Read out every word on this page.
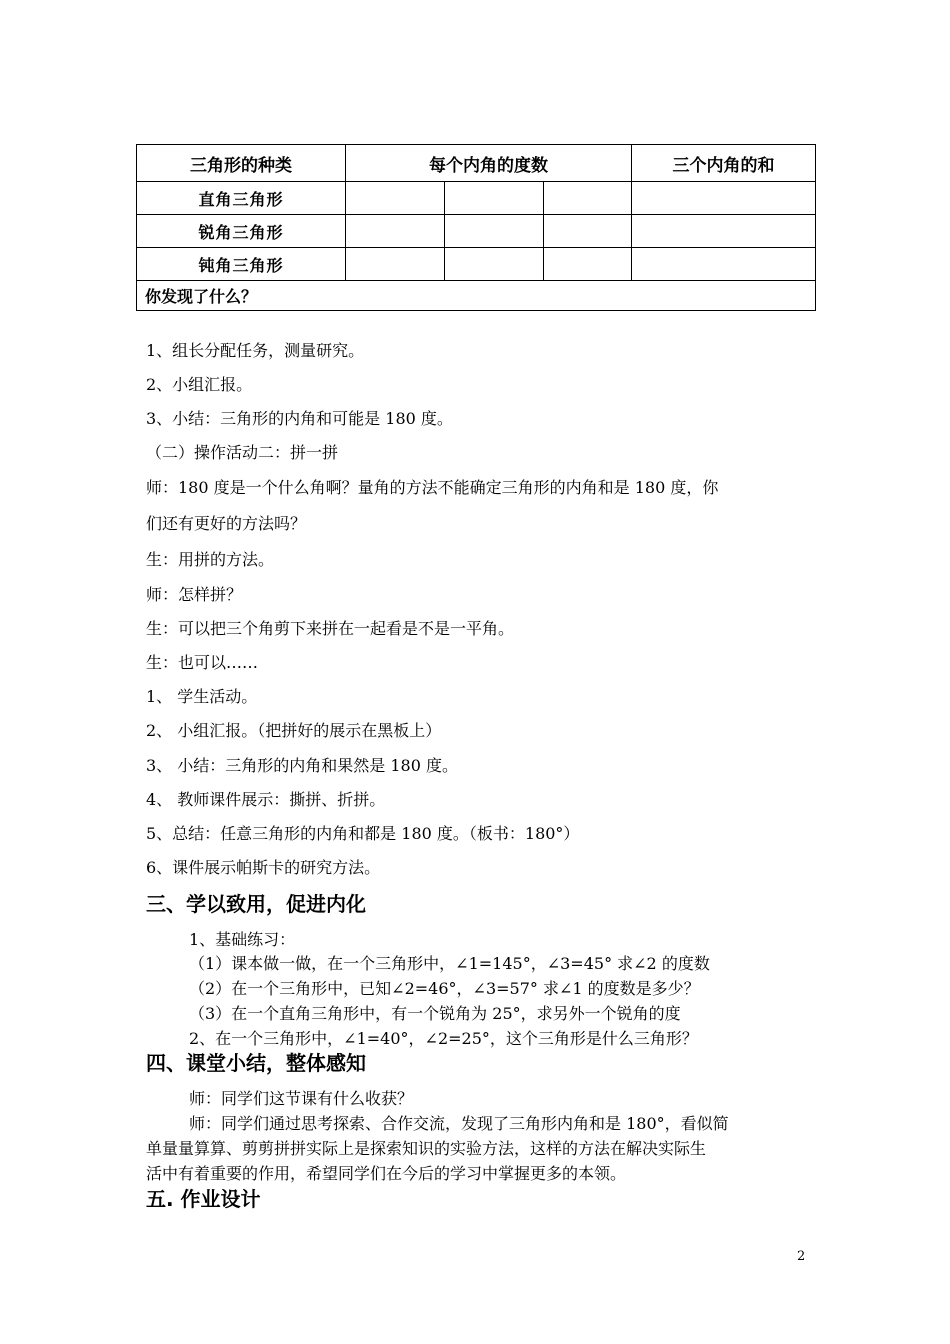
三角形的种类	每个内角的度数			三个内角的和
直角三角形				
锐角三角形				
钝角三角形				
你发现了什么？				
1、组长分配任务，测量研究。
2、小组汇报。
3、小结：三角形的内角和可能是 180 度。
（二）操作活动二：拼一拼
师：180 度是一个什么角啊？量角的方法不能确定三角形的内角和是 180 度，你
们还有更好的方法吗？
生：用拼的方法。
师：怎样拼？
生：可以把三个角剪下来拼在一起看是不是一平角。
生：也可以……
1、 学生活动。
2、 小组汇报。（把拼好的展示在黑板上）
3、 小结：三角形的内角和果然是 180 度。
4、 教师课件展示：撕拼、折拼。
5、总结：任意三角形的内角和都是 180 度。（板书：180°）
6、课件展示帕斯卡的研究方法。
三、学以致用，促进内化
1、基础练习：
（1）课本做一做，在一个三角形中，∠1=145°，∠3=45° 求∠2 的度数
（2）在一个三角形中，已知∠2=46°，∠3=57° 求∠1 的度数是多少？
（3）在一个直角三角形中，有一个锐角为 25°，求另外一个锐角的度
2、在一个三角形中，∠1=40°，∠2=25°，这个三角形是什么三角形？
四、课堂小结，整体感知
师：同学们这节课有什么收获？
师：同学们通过思考探索、合作交流，发现了三角形内角和是 180°，看似简
单量量算算、剪剪拼拼实际上是探索知识的实验方法，这样的方法在解决实际生
活中有着重要的作用，希望同学们在今后的学习中掌握更多的本领。
五. 作业设计
2
